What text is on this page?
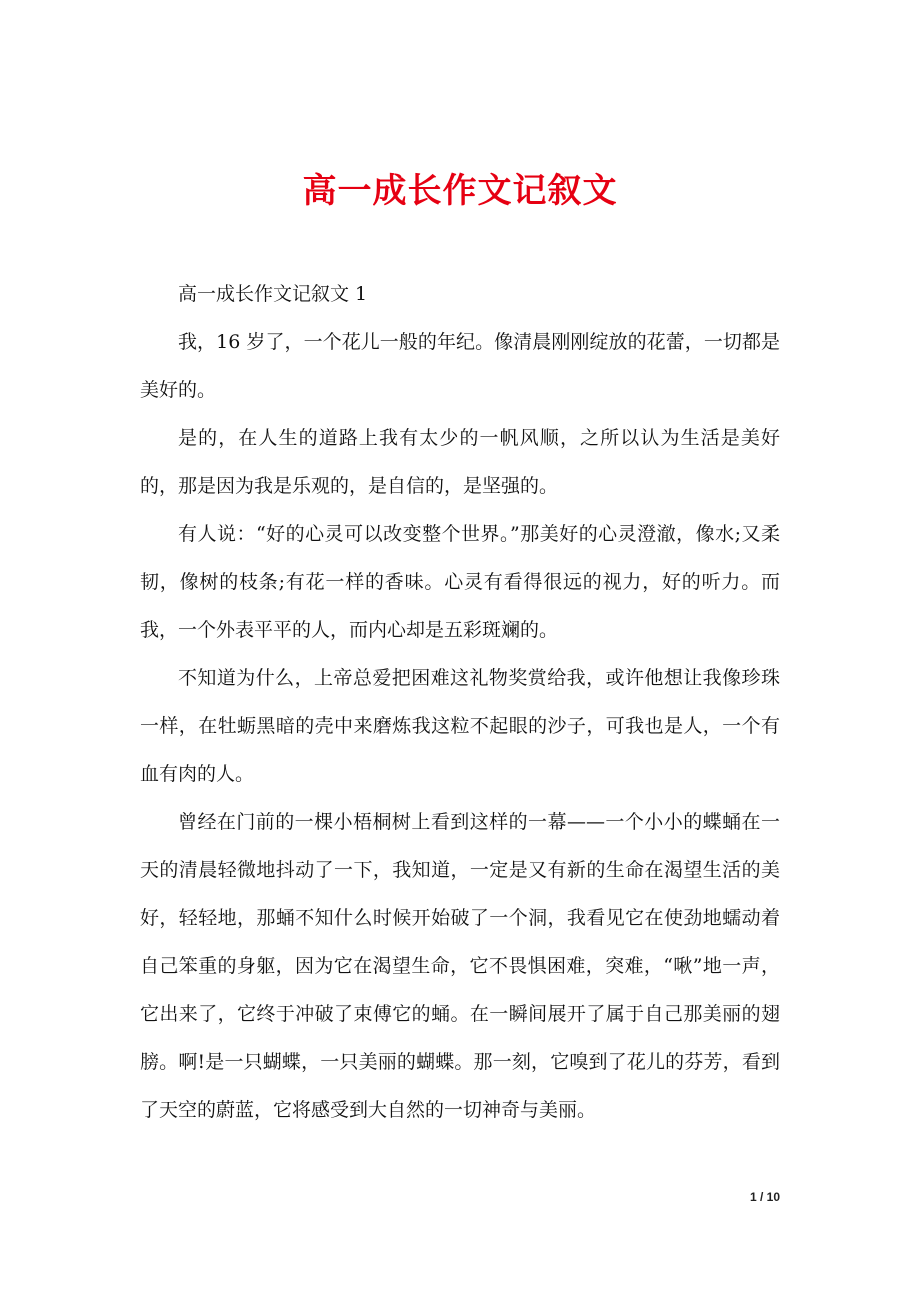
高一成长作文记叙文

高一成长作文记叙文 1

我，16 岁了，一个花儿一般的年纪。像清晨刚刚绽放的花蕾，一切都是美好的。

是的，在人生的道路上我有太少的一帆风顺，之所以认为生活是美好的，那是因为我是乐观的，是自信的，是坚强的。

有人说：“好的心灵可以改变整个世界。”那美好的心灵澄澈，像水;又柔韧，像树的枝条;有花一样的香味。心灵有看得很远的视力，好的听力。而我，一个外表平平的人，而内心却是五彩斑斓的。

不知道为什么，上帝总爱把困难这礼物奖赏给我，或许他想让我像珍珠一样，在牡蛎黑暗的壳中来磨炼我这粒不起眼的沙子，可我也是人，一个有血有肉的人。

曾经在门前的一棵小梧桐树上看到这样的一幕——一个小小的蝶蛹在一天的清晨轻微地抖动了一下，我知道，一定是又有新的生命在渴望生活的美好，轻轻地，那蛹不知什么时候开始破了一个洞，我看见它在使劲地蠕动着自己笨重的身躯，因为它在渴望生命，它不畏惧困难，突难，“啾”地一声，它出来了，它终于冲破了束傅它的蛹。在一瞬间展开了属于自己那美丽的翅膀。啊!是一只蝴蝶，一只美丽的蝴蝶。那一刻，它嗅到了花儿的芬芳，看到了天空的蔚蓝，它将感受到大自然的一切神奇与美丽。

1 / 10
